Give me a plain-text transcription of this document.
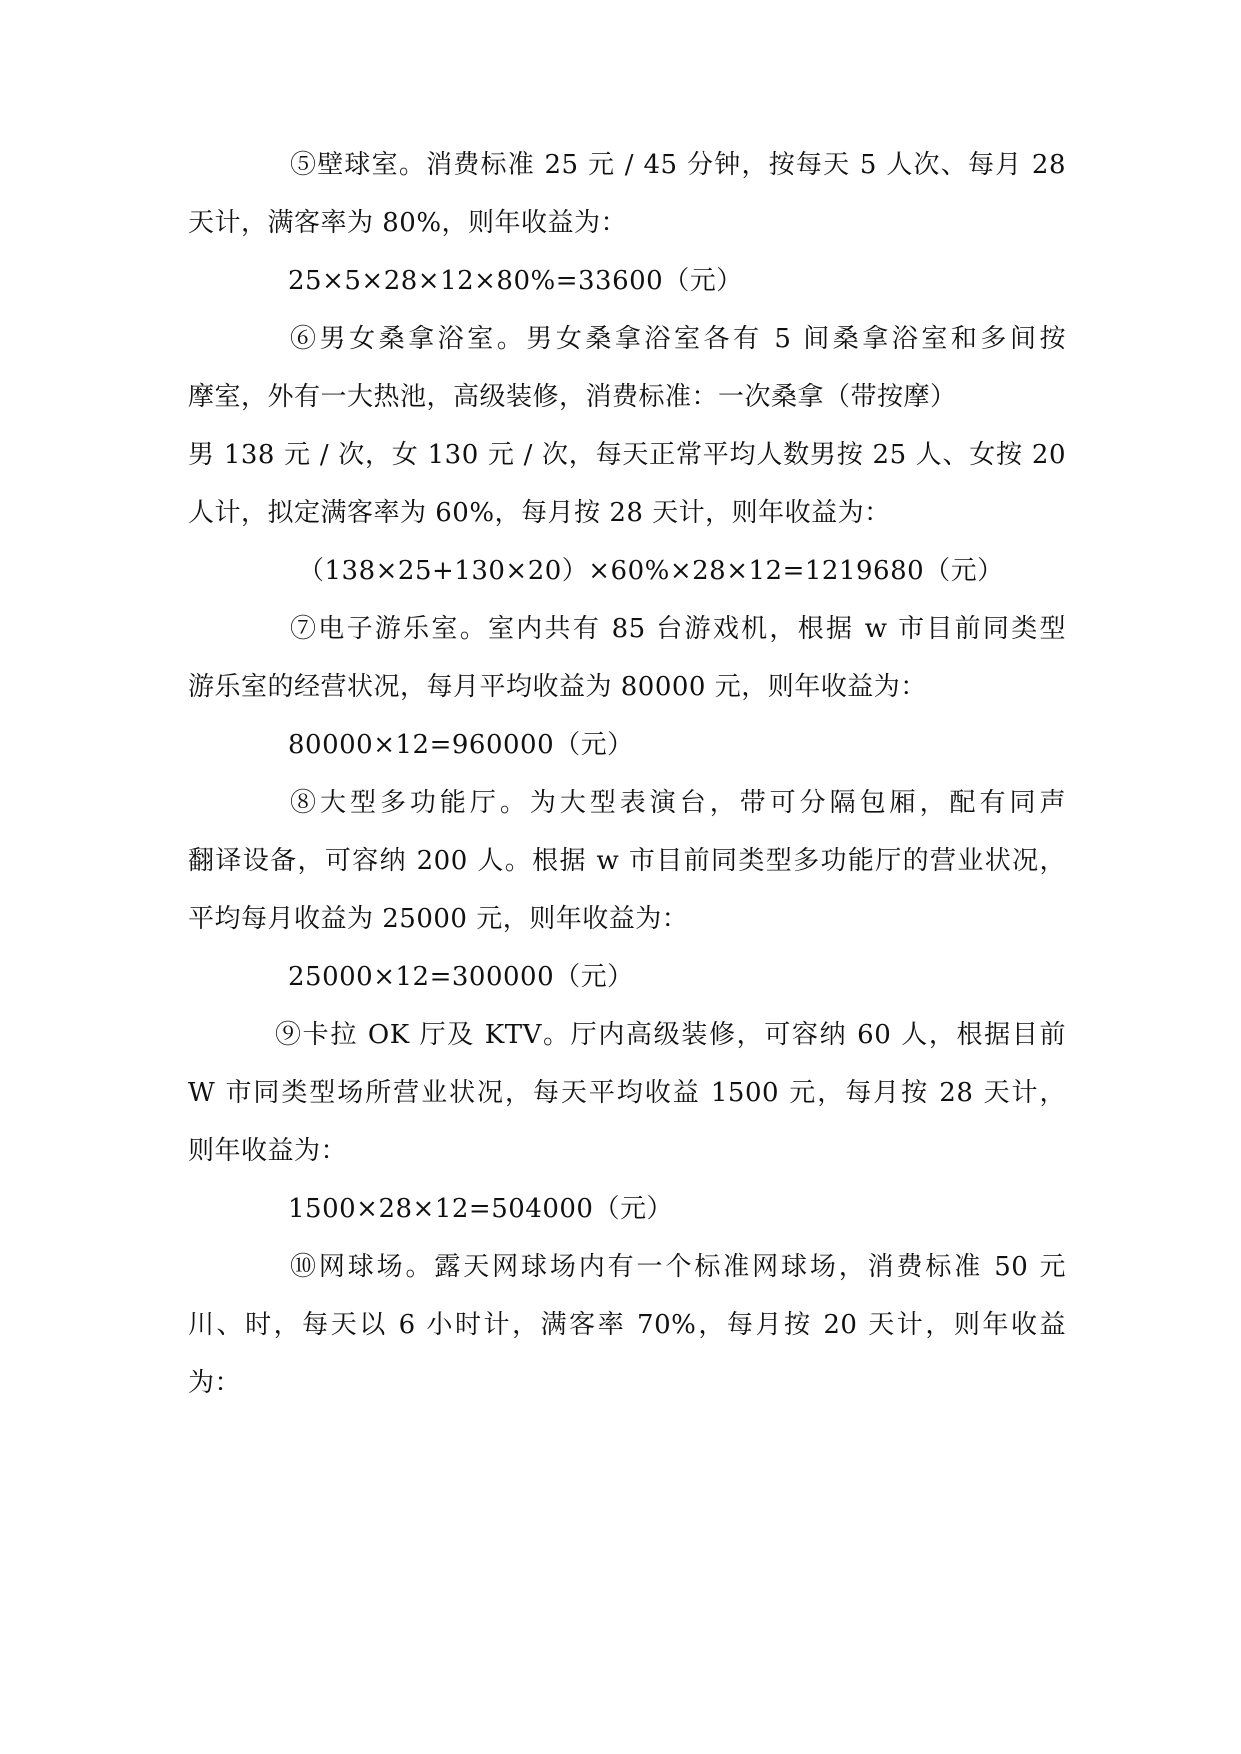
⑤壁球室。消费标准 25 元 / 45 分钟，按每天 5 人次、每月 28
天计，满客率为 80%，则年收益为：
25×5×28×12×80%=33600（元）
⑥男女桑拿浴室。男女桑拿浴室各有 5 间桑拿浴室和多间按
摩室，外有一大热池，高级装修，消费标准：一次桑拿（带按摩）
男 138 元 / 次，女 130 元 / 次，每天正常平均人数男按 25 人、女按 20
人计，拟定满客率为 60%，每月按 28 天计，则年收益为：
（138×25+130×20）×60%×28×12=1219680（元）
⑦电子游乐室。室内共有 85 台游戏机，根据 w 市目前同类型
游乐室的经营状况，每月平均收益为 80000 元，则年收益为：
80000×12=960000（元）
⑧大型多功能厅。为大型表演台，带可分隔包厢，配有同声
翻译设备，可容纳 200 人。根据 w 市目前同类型多功能厅的营业状况，
平均每月收益为 25000 元，则年收益为：
25000×12=300000（元）
⑨卡拉 OK 厅及 KTV。厅内高级装修，可容纳 60 人，根据目前
W 市同类型场所营业状况，每天平均收益 1500 元，每月按 28 天计，
则年收益为：
1500×28×12=504000（元）
⑩网球场。露天网球场内有一个标准网球场，消费标准 50 元
川、时，每天以 6 小时计，满客率 70%，每月按 20 天计，则年收益
为：
